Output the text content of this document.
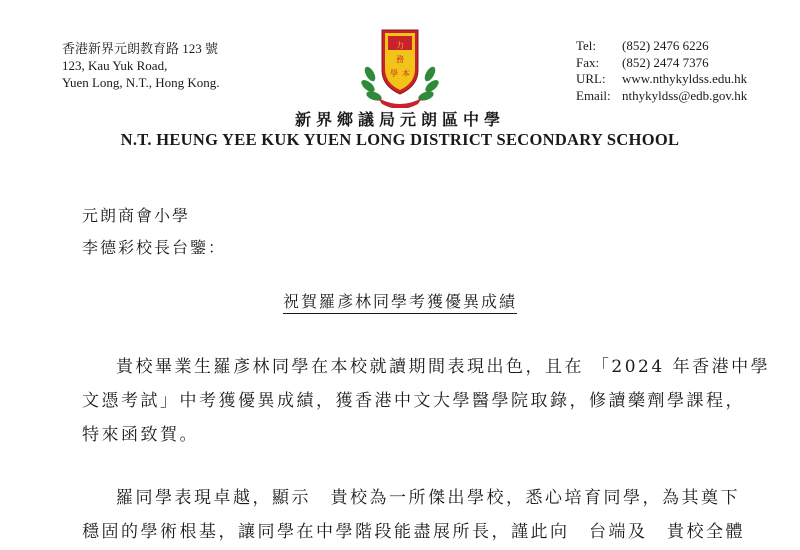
香港新界元朗教育路 123 號
123, Kau Yuk Road,
Yuen Long, N.T., Hong Kong.
力
務
學 本
Tel:	(852) 2476 6226
Fax:	(852) 2474 7376
URL:	www.nthykyldss.edu.hk
Email: nthykyldss@edb.gov.hk
新界鄉議局元朗區中學
N.T. HEUNG YEE KUK YUEN LONG DISTRICT SECONDARY SCHOOL
元朗商會小學
李德彩校長台鑒：
祝賀羅彥林同學考獲優異成績
貴校畢業生羅彥林同學在本校就讀期間表現出色，且在 「2024 年香港中學
文憑考試」中考獲優異成績，獲香港中文大學醫學院取錄，修讀藥劑學課程，
特來函致賀。
羅同學表現卓越，顯示　貴校為一所傑出學校，悉心培育同學，為其奠下
穩固的學術根基，讓同學在中學階段能盡展所長，謹此向　台端及　貴校全體
